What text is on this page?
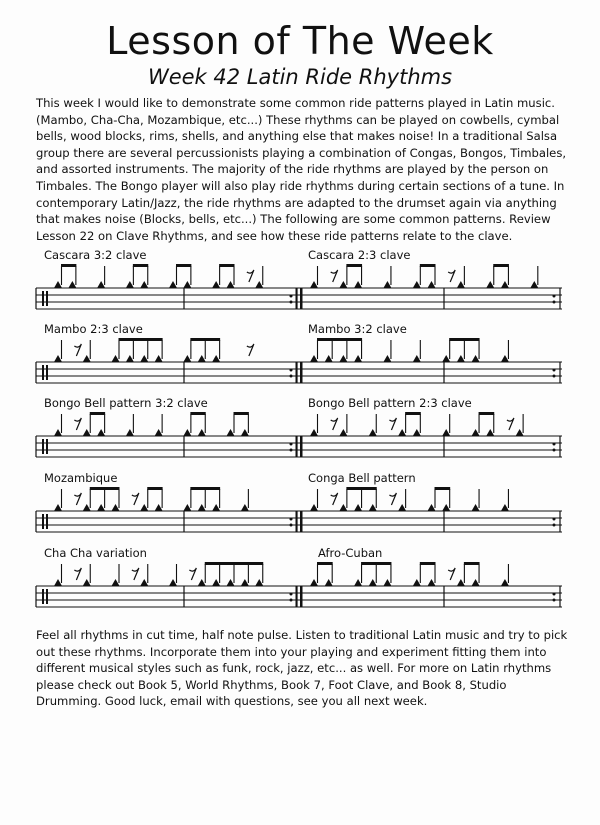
Lesson of The Week
Week 42 Latin Ride Rhythms

This week I would like to demonstrate some common ride patterns played in Latin music. (Mambo, Cha-Cha, Mozambique, etc...) These rhythms can be played on cowbells, cymbal bells, wood blocks, rims, shells, and anything else that makes noise! In a traditional Salsa group there are several percussionists playing a combination of Congas, Bongos, Timbales, and assorted instruments. The majority of the ride rhythms are played by the person on Timbales. The Bongo player will also play ride rhythms during certain sections of a tune. In contemporary Latin/Jazz, the ride rhythms are adapted to the drumset again via anything that makes noise (Blocks, bells, etc...) The following are some common patterns. Review Lesson 22 on Clave Rhythms, and see how these ride patterns relate to the clave.

Cascara 3:2 clave	Cascara 2:3 clave
Mambo 2:3 clave	Mambo 3:2 clave
Bongo Bell pattern 3:2 clave	Bongo Bell pattern 2:3 clave
Mozambique	Conga Bell pattern
Cha Cha variation	Afro-Cuban

Feel all rhythms in cut time, half note pulse. Listen to traditional Latin music and try to pick out these rhythms. Incorporate them into your playing and experiment fitting them into different musical styles such as funk, rock, jazz, etc... as well. For more on Latin rhythms please check out Book 5, World Rhythms, Book 7, Foot Clave, and Book 8, Studio Drumming. Good luck, email with questions, see you all next week.
